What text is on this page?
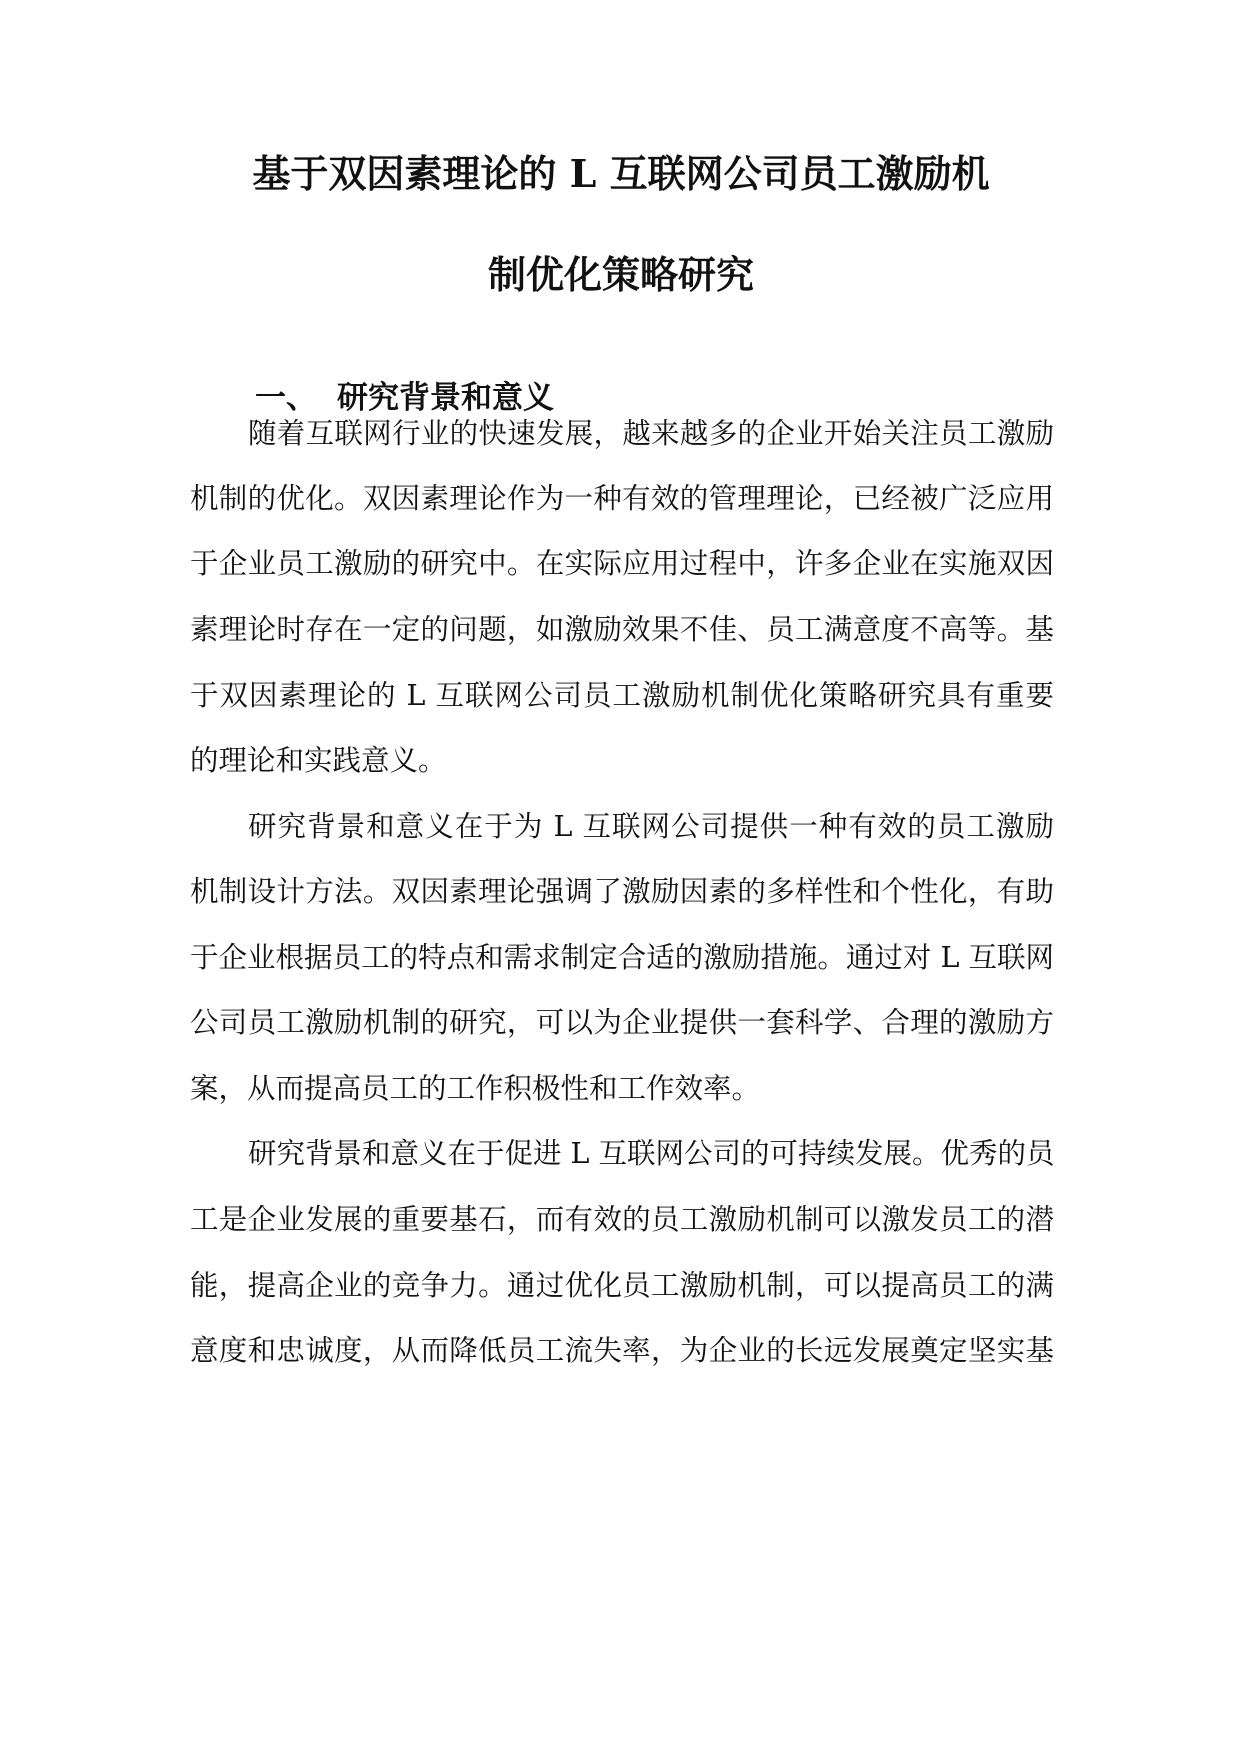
基于双因素理论的 L 互联网公司员工激励机
制优化策略研究
一、 研究背景和意义
随着互联网行业的快速发展，越来越多的企业开始关注员工激励
机制的优化。双因素理论作为一种有效的管理理论，已经被广泛应用
于企业员工激励的研究中。在实际应用过程中，许多企业在实施双因
素理论时存在一定的问题，如激励效果不佳、员工满意度不高等。基
于双因素理论的 L 互联网公司员工激励机制优化策略研究具有重要
的理论和实践意义。
研究背景和意义在于为 L 互联网公司提供一种有效的员工激励
机制设计方法。双因素理论强调了激励因素的多样性和个性化，有助
于企业根据员工的特点和需求制定合适的激励措施。通过对 L 互联网
公司员工激励机制的研究，可以为企业提供一套科学、合理的激励方
案，从而提高员工的工作积极性和工作效率。
研究背景和意义在于促进 L 互联网公司的可持续发展。优秀的员
工是企业发展的重要基石，而有效的员工激励机制可以激发员工的潜
能，提高企业的竞争力。通过优化员工激励机制，可以提高员工的满
意度和忠诚度，从而降低员工流失率，为企业的长远发展奠定坚实基
